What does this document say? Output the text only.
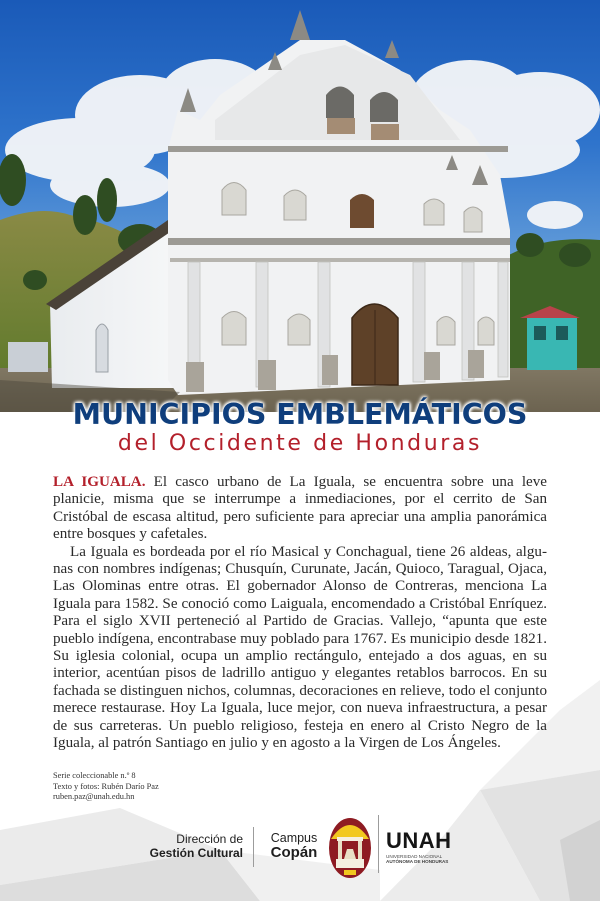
MUNICIPIOS EMBLEMÁTICOS
del Occidente de Honduras

LA IGUALA. El casco urbano de La Iguala, se encuentra sobre una leve planicie, misma que se interrumpe a inmediaciones, por el cerrito de San Cristóbal de escasa altitud, pero suficiente para apreciar una amplia panorámica entre bosques y cafetales.

La Iguala es bordeada por el río Masical y Conchagual, tiene 26 aldeas, algunas con nombres indígenas; Chusquín, Curunate, Jacán, Quioco, Taragual, Ojaca, Las Olominas entre otras. El gobernador Alonso de Contreras, menciona La Iguala para 1582. Se conoció como Laiguala, encomendado a Cristóbal Enríquez. Para el siglo XVII perteneció al Partido de Gracias. Vallejo, “apunta que este pueblo indígena, encontrabase muy poblado para 1767. Es municipio desde 1821. Su iglesia colonial, ocupa un amplio rectángulo, entejado a dos aguas, en su interior, acentúan pisos de ladrillo antiguo y elegantes retablos barrocos. En su fachada se distinguen nichos, columnas, decoraciones en relieve, todo el conjunto merece restaurase. Hoy La Iguala, luce mejor, con nueva infraestructura, a pesar de sus carreteras. Un pueblo religioso, festeja en enero al Cristo Negro de la Iguala, al patrón Santiago en julio y en agosto a la Virgen de Los Ángeles.

Serie coleccionable n.º 8
Texto y fotos: Rubén Darío Paz
ruben.paz@unah.edu.hn
Dirección de
Gestión Cultural
Campus
Copán	UNAH
UNIVERSIDAD NACIONAL
AUTÓNOMA DE HONDURAS
